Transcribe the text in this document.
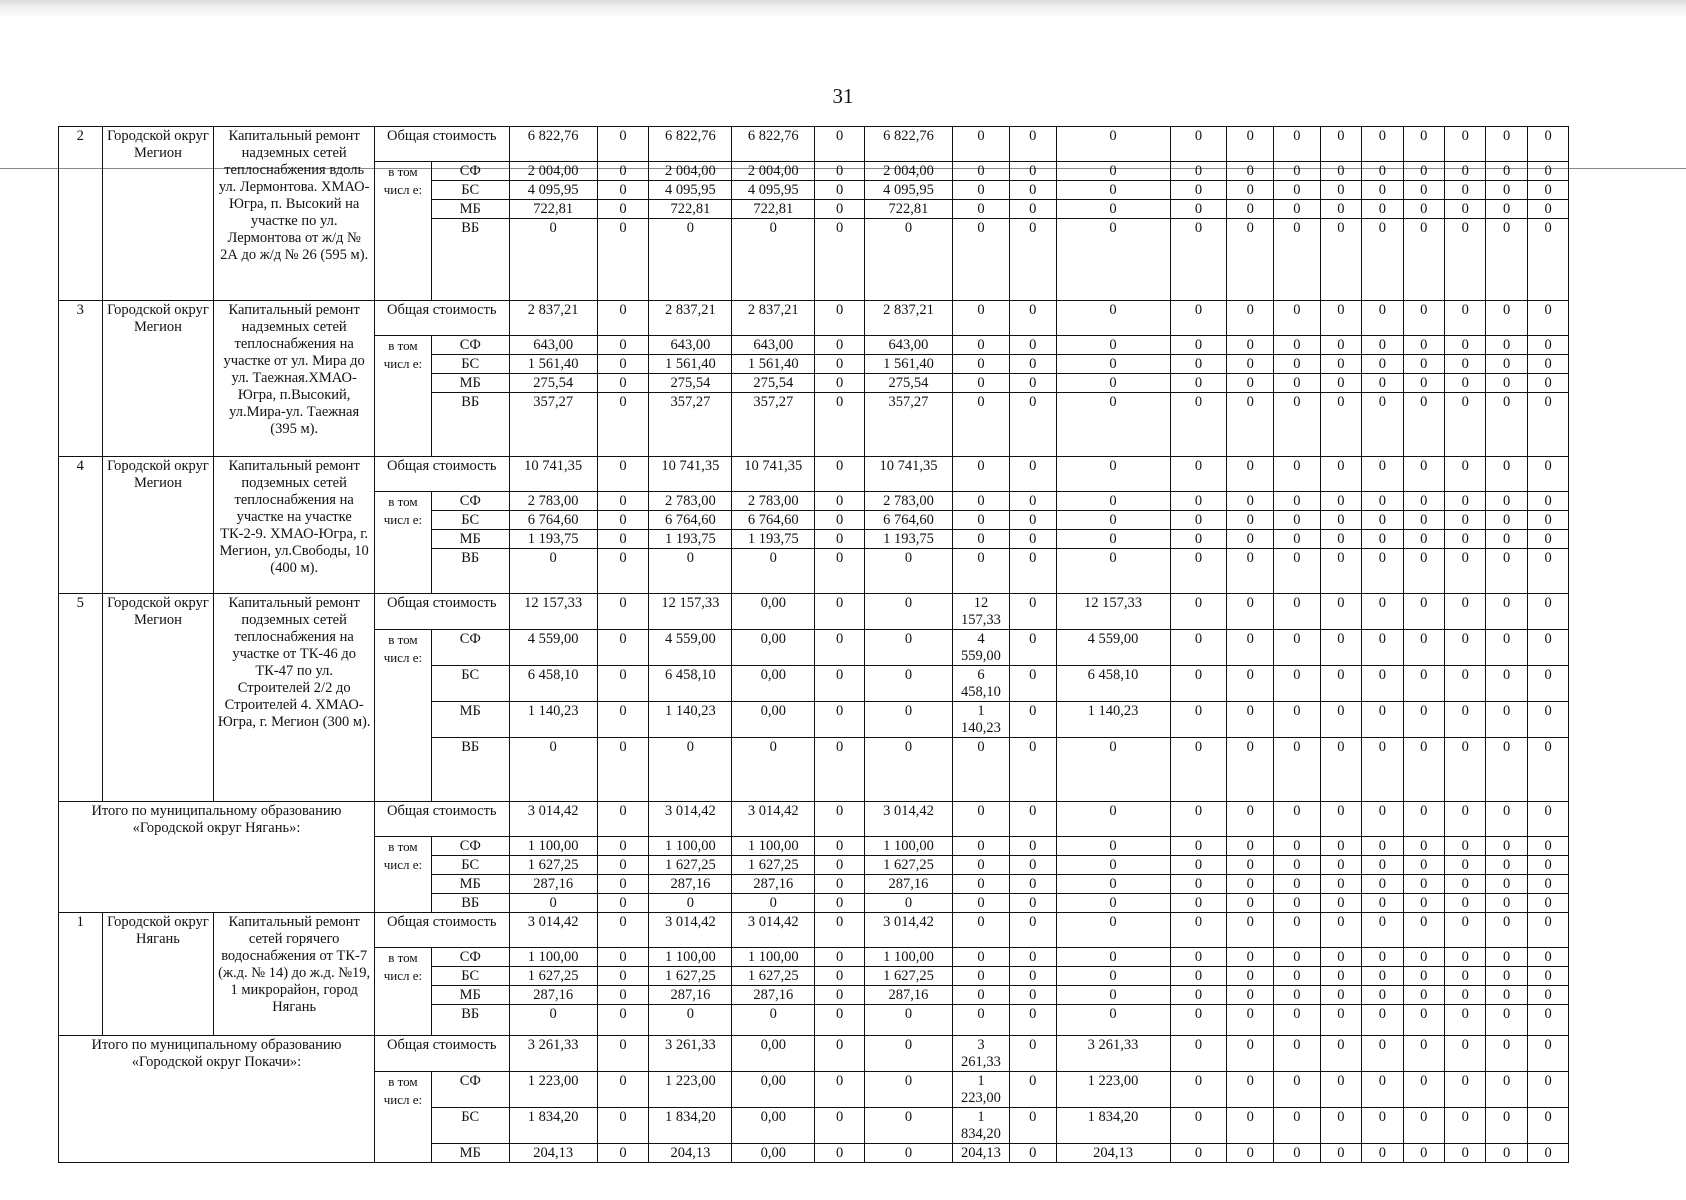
31
2	Городской округ Мегион	Капитальный ремонт надземных сетей теплоснабжения вдоль ул. Лермонтова. ХМАО-Югра, п. Высокий на участке по ул. Лермонтова от ж/д № 2А до ж/д № 26 (595 м).	Общая стоимость		6 822,76	0	6 822,76	6 822,76	0	6 822,76	0	0	0	0	0	0	0	0	0	0	0	0
			в том числ е:	СФ	2 004,00	0	2 004,00	2 004,00	0	2 004,00	0	0	0	0	0	0	0	0	0	0	0	0
				БС	4 095,95	0	4 095,95	4 095,95	0	4 095,95	0	0	0	0	0	0	0	0	0	0	0	0
				МБ	722,81	0	722,81	722,81	0	722,81	0	0	0	0	0	0	0	0	0	0	0	0
				ВБ	0	0	0	0	0	0	0	0	0	0	0	0	0	0	0	0	0	0
3	Городской округ Мегион	Капитальный ремонт надземных сетей теплоснабжения на участке от ул. Мира до ул. Таежная.ХМАО-Югра, п.Высокий, ул.Мира-ул. Таежная (395 м).	Общая стоимость		2 837,21	0	2 837,21	2 837,21	0	2 837,21	0	0	0	0	0	0	0	0	0	0	0	0
			в том числ е:	СФ	643,00	0	643,00	643,00	0	643,00	0	0	0	0	0	0	0	0	0	0	0	0
				БС	1 561,40	0	1 561,40	1 561,40	0	1 561,40	0	0	0	0	0	0	0	0	0	0	0	0
				МБ	275,54	0	275,54	275,54	0	275,54	0	0	0	0	0	0	0	0	0	0	0	0
				ВБ	357,27	0	357,27	357,27	0	357,27	0	0	0	0	0	0	0	0	0	0	0	0
4	Городской округ Мегион	Капитальный ремонт подземных сетей теплоснабжения на участке на участке ТК-2-9. ХМАО-Югра, г. Мегион, ул.Свободы, 10 (400 м).	Общая стоимость		10 741,35	0	10 741,35	10 741,35	0	10 741,35	0	0	0	0	0	0	0	0	0	0	0	0
			в том числ е:	СФ	2 783,00	0	2 783,00	2 783,00	0	2 783,00	0	0	0	0	0	0	0	0	0	0	0	0
				БС	6 764,60	0	6 764,60	6 764,60	0	6 764,60	0	0	0	0	0	0	0	0	0	0	0	0
				МБ	1 193,75	0	1 193,75	1 193,75	0	1 193,75	0	0	0	0	0	0	0	0	0	0	0	0
				ВБ	0	0	0	0	0	0	0	0	0	0	0	0	0	0	0	0	0	0
5	Городской округ Мегион	Капитальный ремонт подземных сетей теплоснабжения на участке от ТК-46 до ТК-47 по ул. Строителей 2/2 до Строителей 4. ХМАО-Югра, г. Мегион (300 м).	Общая стоимость		12 157,33	0	12 157,33	0,00	0	0	12 157,33	0	12 157,33	0	0	0	0	0	0	0	0	0
			в том числ е:	СФ	4 559,00	0	4 559,00	0,00	0	0	4 559,00	0	4 559,00	0	0	0	0	0	0	0	0	0
				БС	6 458,10	0	6 458,10	0,00	0	0	6 458,10	0	6 458,10	0	0	0	0	0	0	0	0	0
				МБ	1 140,23	0	1 140,23	0,00	0	0	1 140,23	0	1 140,23	0	0	0	0	0	0	0	0	0
				ВБ	0	0	0	0	0	0	0	0	0	0	0	0	0	0	0	0	0	0
Итого по муниципальному образованию «Городской округ Нягань»:			Общая стоимость		3 014,42	0	3 014,42	3 014,42	0	3 014,42	0	0	0	0	0	0	0	0	0	0	0	0
			в том числ е:	СФ	1 100,00	0	1 100,00	1 100,00	0	1 100,00	0	0	0	0	0	0	0	0	0	0	0	0
				БС	1 627,25	0	1 627,25	1 627,25	0	1 627,25	0	0	0	0	0	0	0	0	0	0	0	0
				МБ	287,16	0	287,16	287,16	0	287,16	0	0	0	0	0	0	0	0	0	0	0	0
				ВБ	0	0	0	0	0	0	0	0	0	0	0	0	0	0	0	0	0	0
1	Городской округ Нягань	Капитальный ремонт сетей горячего водоснабжения от ТК-7 (ж.д. № 14) до ж.д. №19, 1 микрорайон, город Нягань	Общая стоимость		3 014,42	0	3 014,42	3 014,42	0	3 014,42	0	0	0	0	0	0	0	0	0	0	0	0
			в том числ е:	СФ	1 100,00	0	1 100,00	1 100,00	0	1 100,00	0	0	0	0	0	0	0	0	0	0	0	0
				БС	1 627,25	0	1 627,25	1 627,25	0	1 627,25	0	0	0	0	0	0	0	0	0	0	0	0
				МБ	287,16	0	287,16	287,16	0	287,16	0	0	0	0	0	0	0	0	0	0	0	0
				ВБ	0	0	0	0	0	0	0	0	0	0	0	0	0	0	0	0	0	0
Итого по муниципальному образованию «Городской округ Покачи»:			Общая стоимость		3 261,33	0	3 261,33	0,00	0	0	3 261,33	0	3 261,33	0	0	0	0	0	0	0	0	0
			в том числ е:	СФ	1 223,00	0	1 223,00	0,00	0	0	1 223,00	0	1 223,00	0	0	0	0	0	0	0	0	0
				БС	1 834,20	0	1 834,20	0,00	0	0	1 834,20	0	1 834,20	0	0	0	0	0	0	0	0	0
				МБ	204,13	0	204,13	0,00	0	0	204,13	0	204,13	0	0	0	0	0	0	0	0	0
